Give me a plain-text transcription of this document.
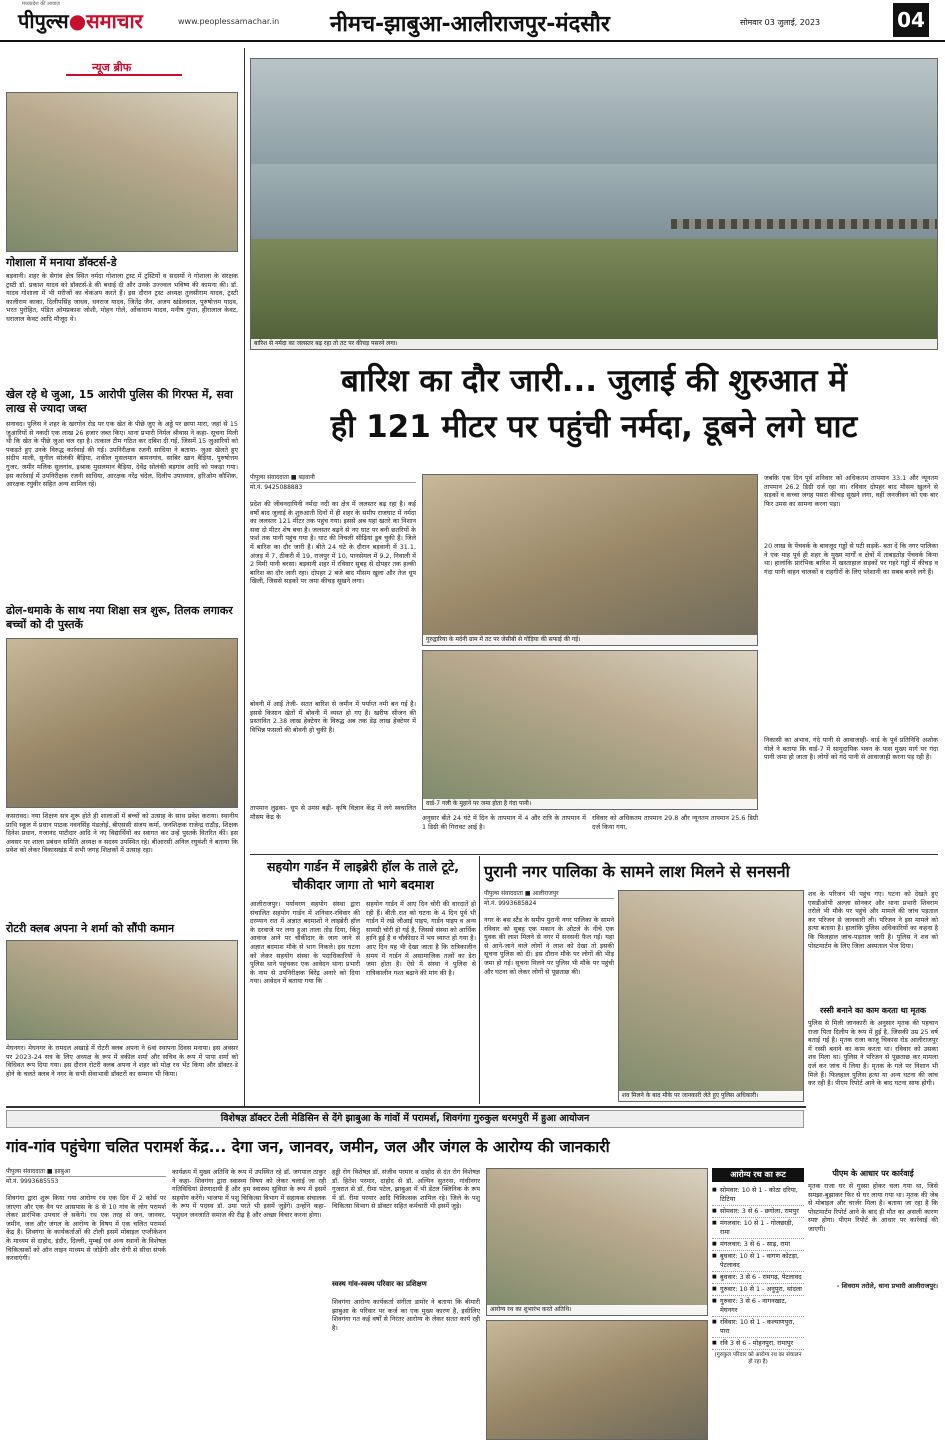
मध्यप्रदेश की आवाज़
पीपुल्स●समाचार	www.peoplessamachar.in नीमच-झाबुआ-आलीराजपुर-मंदसौर	सोमवार 03 जुलाई, 2023	04
न्यूज ब्रीफ
गोशाला में मनाया डॉक्टर्स-डे
बड़वानी। शहर के सेगांव क्षेत्र स्थित नर्मदा गोशाला ट्रस्ट में ट्रस्टियों व सदस्यों ने गोशाला के संरक्षक ट्रस्टी डॉ. प्रकाश यादव को डॉक्टर्स-डे की बधाई दी और उनके उज्ज्वल भविष्य की कामना की। डॉ. यादव गोशाला में भी मरीजों का चेकअप करते हैं। इस दौरान ट्रस्ट अध्यक्ष तुलसीराम यादव, ट्रस्टी कालीराम काका, दिलीपसिंह जाधव, धनराज यादव, जितेंद्र जैन, अजय खंडेलवाल, पुरुषोत्तम यादव, भरत पुरोहित, पंडित ओमप्रकाश जोशी, मोहन गोले, ओंकाराम यादव, मनीष गुप्ता, हीरालाल केवट, धरालाल केवट आदि मौजूद थे।
खेल रहे थे जुआ, 15 आरोपी पुलिस की गिरफ्त में, सवा लाख से ज्यादा जब्त
सनावद। पुलिस ने शहर के खरगोन रोड पर एक खेत के पीछे जुए के अड्डे पर छापा मारा, जहां से 15 जुआरियों से नकदी एक लाख 26 हजार जब्त किए। थाना प्रभारी निर्मल श्रीवास ने कहा- सूचना मिली थी कि खेत के पीछे जुआ चल रहा है। तत्काल टीम गठित कर दबिश दी गई, जिसमें 15 जुआरियों को पकड़ते हुए उनके विरुद्ध कार्रवाई की गई। उपनिरीक्षक रजनी साधिया ने बताया- जुआ खेलते हुए संदीप माली, सुनील सोलंकी बैड़िया, शकील मुसलमान बामनगांव, साबिर खान बैड़िया, पुरुषोत्तम गुजर, जमीर मलिक सुलगांव, इश्राक मुसलमान बैड़िया, देवेंद्र सोलंकी बड़गांव आदि को पकड़ा गया। इस कार्रवाई में उपनिरीक्षक रजनी साधिया, आरक्षक नरेंद्र चंदेल, दिलीप उपाध्याय, हरिओम कौशिक, आरक्षक रघुवीर सहित अन्य शामिल रहे।
ढोल-धमाके के साथ नया शिक्षा सत्र शुरू, तिलक लगाकर बच्चों को दी पुस्तकें
कसरावद। नया शिक्षण सत्र शुरू होते ही शालाओं में बच्चों को उत्साह के साथ प्रवेश कराया। स्थानीय प्राथि स्कूल में प्रधान पाठक नवनसिंह मंडलोई, बीएससी संजय कर्मा, जनशिक्षक राजेन्द्र राठौड़, शिक्षक दिनेश प्रधान, गजानंद पाटीदार आदि ने नए विद्यार्थियों का स्वागत कर उन्हें पुस्तकें वितरित कीं। इस अवसर पर शाला प्रबंधन समिति अध्यक्ष व सदस्य उपस्थित रहे। बीआरसी अनिल रघुवंशी ने बताया कि प्रवेश को लेकर विकासखंड में सभी जगह शिक्षकों में उत्साह रहा।
रोटरी क्लब अपना ने शर्मा को सौंपी कमान
मेघनगर। मेघनगर के रामदल अखाड़े में रोटरी क्लब अपना ने 6वां स्थापना दिवस मनाया। इस अवसर पर 2023-24 सत्र के लिए अध्यक्ष के रूप में वकील शर्मा और सचिव के रूप में पापा शर्मा को विधिवत रूप दिया गया। इस दौरान रोटरी क्लब अपना ने शहर को मोक्ष रथ भेंट किया और डॉक्टर-डे होने के चलते क्लब ने नगर के सभी सेवाभावी डॉक्टरों का सम्मान भी किया।
बारिश से नर्मदा का जलस्तर बढ़ रहा तो तट पर कीचड़ पसरने लगा।
बारिश का दौर जारी... जुलाई की शुरुआत में
ही 121 मीटर पर पहुंची नर्मदा, डूबने लगे घाट
पीपुल्स संवाददाता ■ बड़वानी
मो.नं. 9425088883
प्रदेश की जीवनदायिनी नर्मदा नदी का क्षेत्र में जलस्तर बढ़ रहा है। कई वर्षों बाद जुलाई के शुरुआती दिनों में ही शहर के समीप राजघाट में नर्मदा का जलस्तर 121 मीटर तक पहुंच गया। इससे अब यहां खतरे का निशान सवा दो मीटर शेष बचा है। जलस्तर बढ़ने से नए घाट पर बनी छतरियों के फर्श तक पानी पहुंच गया है। घाट की निचली सीढ़ियां डूब चुकी हैं। जिले में बारिश का दौर जारी है। बीते 24 घंटे के दौरान बड़वानी में 31.1, अंजड़ में 7, ठीकरी में 19, राजपुर में 10, पानसेमल में 9.2, निवाली में 2 मिमी पानी बरसा। बड़वानी शहर में रविवार सुबह से दोपहर तक हल्की बारिश का दौर जारी रहा। दोपहर 2 बजे बाद मौसम खुला और तेज धूप खिली, जिससे सड़कों पर जमा कीचड़ सूखने लगा।
बोवनी में आई तेजी- सतत बारिश से जमीन में पर्याप्त नमी बन गई है। इससे किसान खेतों में बोवनी में व्यस्त हो गए हैं। खरीफ सीजन की प्रस्तावित 2.38 लाख हेक्टेयर के विरुद्ध अब तक डेढ़ लाख हेक्टेयर में विभिन्न फसलों की बोवनी हो चुकी है।
तापमान लुढ़का- धूप से उमस बढ़ी- कृषि विज्ञान केंद्र में लगे स्वचालित मौसम केंद्र के
गुरुद्वारिया के मर्दनी ग्राम में तट पर जेसीबी से गोंड़िया की सफाई की गई।
वार्ड-7 गली के मुहाने पर जमा होता है गंदा पानी।
अनुसार बीते 24 घंटे में दिन के तापमान में 4 और रात्रि के तापमान में 1 डिग्री की गिरावट आई है।
रविवार को अधिकतम तापमान 29.8 और न्यूनतम तापमान 25.6 डिग्री दर्ज किया गया,
जबकि एक दिन पूर्व शनिवार को अधिकतम तापमान 33.1 और न्यूनतम तापमान 26.2 डिग्री दर्ज रहा था। रविवार दोपहर बाद मौसम खुलने से सड़कों व कच्चा जगह पसरा कीचड़ सूखने लगा, वहीं जनजीवन को एक बार फिर उमस का सामना करना पड़ा।
20 लाख के पेंचवर्क के बावजूद गड्ढों से पटी सड़कें- बता दें कि नगर पालिका ने एक माह पूर्व ही शहर के मुख्य मार्गों व क्षेत्रों में ताबड़तोड़ पेंचवर्क किया था। हालांकि प्रारंभिक बारिश में खस्ताहाल सड़कों पर गहरे गड्ढों में कीचड़ व गंदा पानी वाहन चालकों व राहगीरों के लिए परेशानी का सबब बनने लगे हैं।
निकासी का अभाव, गंदे पानी से आवाजाही- वार्ड के पूर्व प्रतिनिधि अशोक गोले ने बताया कि वार्ड-7 में सामुदायिक भवन के पास मुख्य मार्ग पर गंदा पानी जमा हो जाता है। लोगों को गंदे पानी से आवाजाही करना पड़ रही है।
सहयोग गार्डन में लाइब्रेरी हॉल के ताले टूटे, चौकीदार जागा तो भागे बदमाश
आलीराजपुर। पर्यावरण सहयोग संस्था द्वारा संचालित सहयोग गार्डन में शनिवार-रविवार की दरम्यान रात में अज्ञात बदमाशों ने लाइब्रेरी हॉल के दरवाजे पर लगा हुआ ताला तोड़ दिया, किंतु आवाज आने पर चौकीदार के जाग जाने से अज्ञात बदमाश मौके से भाग निकले। इस घटना को लेकर सहयोग संस्था के पदाधिकारियों ने पुलिस थाने पहुंचकर एक आवेदन थाना प्रभारी के नाम से उपनिरीक्षक बिरेंद्र अनारे को दिया गया। आवेदन में बताया गया कि
सहयोग गार्डन में आए दिन चोरी की वारदातें हो रही हैं। बीती रात को घटना के 4 दिन पूर्व भी गार्डन में रखे जौआई पाइप, गार्डन पाइप व अन्य सामग्री चोरी हो गई है, जिससे संस्था को आर्थिक हानि हुई है व चौकीदार में भय व्याप्त हो गया है। आए दिन यह भी देखा जाता है कि रात्रिकालीन समय में गार्डन में असामाजिक तत्वों का डेरा जमा होता है। ऐसे में संस्था ने पुलिस से रात्रिकालीन गश्त बढ़ाने की मांग की है।
पुरानी नगर पालिका के सामने लाश मिलने से सनसनी
पीपुल्स संवाददाता ■ आलीराजपुर
मो.नं. 9993685824
नगर के बस स्टैंड के समीप पुरानी नगर पालिका के सामने रविवार को सुबह एक मकान के ओटले के नीचे एक युवक की लाश मिलने से नगर में सनसनी फैल गई। यहां से आने-जाने वाले लोगों ने लाश को देखा तो इसकी सूचना पुलिस को दी। इस दौरान मौके पर लोगों की भीड़ जमा हो गई। सूचना मिलने पर पुलिस भी मौके पर पहुंची और घटना को लेकर लोगों से पूछताछ की।
शव मिलने के बाद मौके पर जानकारी लेते हुए पुलिस अधिकारी।
शव के परिजन भी पहुंच गए। घटना को देखते हुए एसडीओपी अल्ज़ा सोनकर और थाना प्रभारी शिवराम तरोले भी मौके पर पहुंचे और मामले की जांच पड़ताल कर परिजन से जानकारी ली। परिजन ने इस मामले को हत्या बताया है। हालांकि पुलिस अधिकारियों का कहना है कि फिलहाल जांच-पड़ताल जारी है। पुलिस ने शव को पोस्टमार्टम के लिए जिला अस्पताल भेज दिया।
रस्सी बनाने का काम करता था मृतक
पुलिस से मिली जानकारी के अनुसार मृतक की पहचान राजा पिता दिलीप के रूप में हुई है, जिसकी उम्र 25 वर्ष बताई गई है। मृतक राजा काजू चिकास रोड आलीराजपुर में रस्सी बनाने का काम करता था। रविवार को उसका शव मिला था। पुलिस ने परिजन से पूछताछ कर मामला दर्ज कर जांच में लिया है। मृतक के गले पर निशान भी मिले हैं। फिलहाल पुलिस हत्या या अन्य घटना की जांच कर रही है। पीएम रिपोर्ट आने के बाद घटना साफ होगी।
पीएम के आधार पर कार्रवाई
मृतक राजा घर से गुस्सा होकर चला गया था, जिसे समझा-बुझाकर फिर से घर लाया गया था। मृतक की जेब से मोबाइल और चार्जर मिला है। बताया जा रहा है कि पोस्टमार्टम रिपोर्ट आने के बाद ही मौत का असली कारण स्पष्ट होगा। पीएम रिपोर्ट के आधार पर कार्रवाई की जाएगी।
- शिवराम तरोले, थाना प्रभारी आलीराजपुर।
विशेषज्ञ डॉक्टर टेली मेडिसिन से देंगे झाबुआ के गांवों में परामर्श, शिवगंगा गुरुकुल धरमपुरी में हुआ आयोजन
गांव-गांव पहुंचेगा चलित परामर्श केंद्र... देगा जन, जानवर, जमीन, जल और जंगल के आरोग्य की जानकारी
पीपुल्स संवाददाता ■ झाबुआ
मो.नं. 9993685553
शिवगंगा द्वारा शुरू किया गया आरोग्य रथ एक दिन में 2 कोर्स पर जाएगा और एक वैन पर आसपास के 8 से 10 गांव के लोग परामर्श लेकर प्रारंभिक उपचार ले सकेंगे। रथ एक तरह से जन, जानवर, जमीन, जल और जंगल के आरोग्य के विषय में एक चलित परामर्श केंद्र है। शिवगंगा के कार्यकर्ताओं की टोली इसमें मोबाइल एप्लीकेशन के माध्यम से दाहोद, इंदौर, दिल्ली, मुम्बई एवं अन्य स्थानों के विशेषज्ञ चिकित्सकों को ऑन लाइन माध्यम से जोड़ेंगी और रोगी से सीधा संपर्क करवाएंगी।
कार्यक्रम में मुख्य अतिथि के रूप में उपस्थित रहे डॉ. जगपाल ठाकुर ने कहा- शिवगंगा द्वारा स्वास्थ्य विषय को लेकर चलाई जा रही गतिविधियां प्रेरणादायी हैं और हम स्वास्थ्य सुविधा के रूप में इसमें सहयोग करेंगे। भाजपा में पशु चिकित्सा विभाग में सहायक संचालक के रूप में पदस्थ डॉ. उमा परते भी इसमें जुड़ेंगे। उन्होंने कहा- पशुधन जनजाति समाज की रीढ़ है और अच्छा विचार करना होगा।
हड्डी रोग विशेषज्ञ डॉ. संजीव परमार व दाहोद से दंत रोग विशेषज्ञ डॉ. हितेश परमार, दाहोद से डॉ. अल्पिन सुतरना, गांधीनगर गुजरात से डॉ. रीमा पटेल, झाबुआ में भी डेंटल क्लिनिक के रूप में डॉ. रीमा परमार आदि चिकित्सक शामिल रहे। जिले के पशु चिकित्सा विभाग से डॉक्टर सहित कर्मचारी भी इसमें जुड़े।
स्वस्थ गांव-स्वस्थ परिवार का प्रशिक्षण
शिवगंगा आरोग्य कार्यकर्ता संगीता डामोर ने बताया कि बीमारी झाबुआ के परिवार पर कर्ज का एक मुख्य कारण है, इसीलिए शिवगंगा गत कई वर्षों से निरंतर आरोग्य के लेकर सतत कार्य रही है।
आरोग्य रथ का शुभारंभ करते अतिथि।
आरोग्य रथ का रूट
■ सोमवार: 10 से 1 - कोठा दरिया, टिटिया
■ सोमवार: 3 से 6 - छगोला, रामपुर
■ मंगलवार: 10 से 1 - गोलछाड़ी, रामा
■ मंगलवार: 3 से 6 - साढ़, रामा
■ बुधवार: 10 से 1 - वागण कोटड़ा, पेटलावद
■ बुधवार: 3 से 6 - रामगढ़, पेटलावद
■ गुरुवार: 10 से 1 - अनुपुरा, थांदला
■ गुरुवार: 3 से 6 - नागनखाट, मेघनगर
■ रविवार: 10 से 1 - कल्याणपुरा, पारा
■ रवि 3 से 6 - मोहनपुरा, रामापुर
(गुरुकुल परिवार को आरोग्य रथ का संचालन हो रहा है)
